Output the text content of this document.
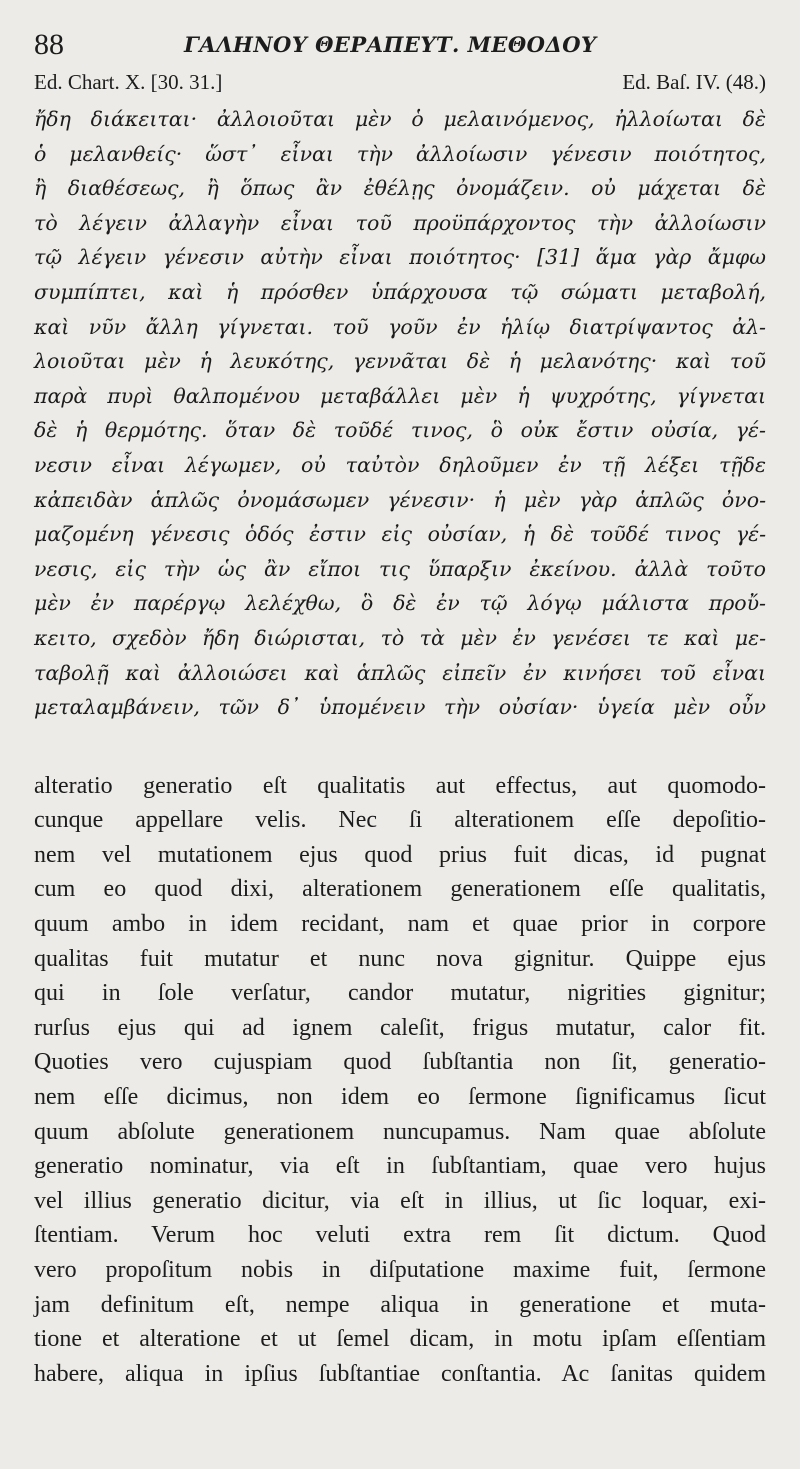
88	ΓΑΛΗΝΟΥ ΘΕΡΑΠΕΥΤ. ΜΕΘΟΔΟΥ
Ed. Chart. X. [30. 31.]	Ed. Baſ. IV. (48.)
ἤδη διάκειται· ἀλλοιοῦται μὲν ὁ μελαινόμενος, ἠλλοίωται δὲ
ὁ μελανθείς· ὥστ᾽ εἶναι τὴν ἀλλοίωσιν γένεσιν ποιότητος,
ἢ διαθέσεως, ἢ ὅπως ἂν ἐθέλῃς ὀνομάζειν. οὐ μάχεται δὲ
τὸ λέγειν ἀλλαγὴν εἶναι τοῦ προϋπάρχοντος τὴν ἀλλοίωσιν
τῷ λέγειν γένεσιν αὐτὴν εἶναι ποιότητος· [31] ἅμα γὰρ ἄμφω
συμπίπτει, καὶ ἡ πρόσθεν ὑπάρχουσα τῷ σώματι μεταβολή,
καὶ νῦν ἄλλη γίγνεται. τοῦ γοῦν ἐν ἡλίῳ διατρίψαντος ἀλ-
λοιοῦται μὲν ἡ λευκότης, γεννᾶται δὲ ἡ μελανότης· καὶ τοῦ
παρὰ πυρὶ θαλπομένου μεταβάλλει μὲν ἡ ψυχρότης, γίγνεται
δὲ ἡ θερμότης. ὅταν δὲ τοῦδέ τινος, ὃ οὐκ ἔστιν οὐσία, γέ-
νεσιν εἶναι λέγωμεν, οὐ ταὐτὸν δηλοῦμεν ἐν τῇ λέξει τῇδε
κἀπειδὰν ἁπλῶς ὀνομάσωμεν γένεσιν· ἡ μὲν γὰρ ἁπλῶς ὀνο-
μαζομένη γένεσις ὁδός ἐστιν εἰς οὐσίαν, ἡ δὲ τοῦδέ τινος γέ-
νεσις, εἰς τὴν ὡς ἂν εἴποι τις ὕπαρξιν ἐκείνου. ἀλλὰ τοῦτο
μὲν ἐν παρέργῳ λελέχθω, ὃ δὲ ἐν τῷ λόγῳ μάλιστα προὔ-
κειτο, σχεδὸν ἤδη διώρισται, τὸ τὰ μὲν ἐν γενέσει τε καὶ με-
ταβολῇ καὶ ἀλλοιώσει καὶ ἁπλῶς εἰπεῖν ἐν κινήσει τοῦ εἶναι
μεταλαμβάνειν, τῶν δ᾽ ὑπομένειν τὴν οὐσίαν· ὑγεία μὲν οὖν
alteratio generatio eſt qualitatis aut effectus, aut quomodo-
cunque appellare velis. Nec ſi alterationem eſſe depoſitio-
nem vel mutationem ejus quod prius fuit dicas, id pugnat
cum eo quod dixi, alterationem generationem eſſe qualitatis,
quum ambo in idem recidant, nam et quae prior in corpore
qualitas fuit mutatur et nunc nova gignitur. Quippe ejus
qui in ſole verſatur, candor mutatur, nigrities gignitur;
rurſus ejus qui ad ignem caleſit, frigus mutatur, calor fit.
Quoties vero cujuspiam quod ſubſtantia non ſit, generatio-
nem eſſe dicimus, non idem eo ſermone ſignificamus ſicut
quum abſolute generationem nuncupamus. Nam quae abſolute
generatio nominatur, via eſt in ſubſtantiam, quae vero hujus
vel illius generatio dicitur, via eſt in illius, ut ſic loquar, exi-
ſtentiam. Verum hoc veluti extra rem ſit dictum. Quod
vero propoſitum nobis in diſputatione maxime fuit, ſermone
jam definitum eſt, nempe aliqua in generatione et muta-
tione et alteratione et ut ſemel dicam, in motu ipſam eſſentiam
habere, aliqua in ipſius ſubſtantiae conſtantia. Ac ſanitas quidem
